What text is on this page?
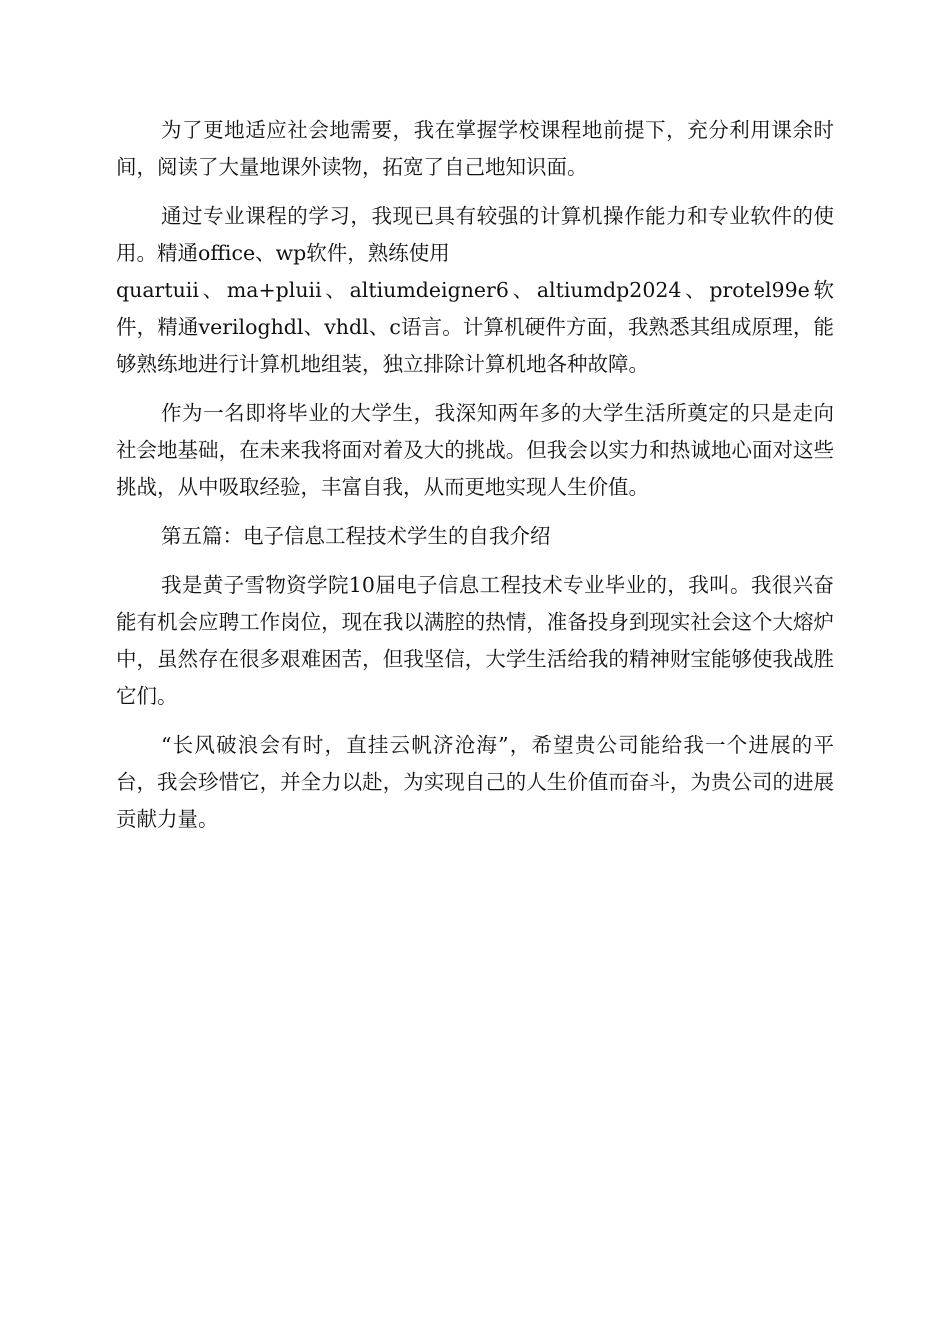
为了更地适应社会地需要，我在掌握学校课程地前提下，充分利用课余时间，阅读了大量地课外读物，拓宽了自己地知识面。

通过专业课程的学习，我现已具有较强的计算机操作能力和专业软件的使用。精通office、wp软件，熟练使用
quartuii、ma+pluii、altiumdeigner6、altiumdp2024、protel99e软件，精通veriloghdl、vhdl、c语言。计算机硬件方面，我熟悉其组成原理，能够熟练地进行计算机地组装，独立排除计算机地各种故障。

作为一名即将毕业的大学生，我深知两年多的大学生活所奠定的只是走向社会地基础，在未来我将面对着及大的挑战。但我会以实力和热诚地心面对这些挑战，从中吸取经验，丰富自我，从而更地实现人生价值。

第五篇：电子信息工程技术学生的自我介绍

我是黄子雪物资学院10届电子信息工程技术专业毕业的，我叫。我很兴奋能有机会应聘工作岗位，现在我以满腔的热情，准备投身到现实社会这个大熔炉中，虽然存在很多艰难困苦，但我坚信，大学生活给我的精神财宝能够使我战胜它们。

“长风破浪会有时，直挂云帆济沧海”，希望贵公司能给我一个进展的平台，我会珍惜它，并全力以赴，为实现自己的人生价值而奋斗，为贵公司的进展贡献力量。
